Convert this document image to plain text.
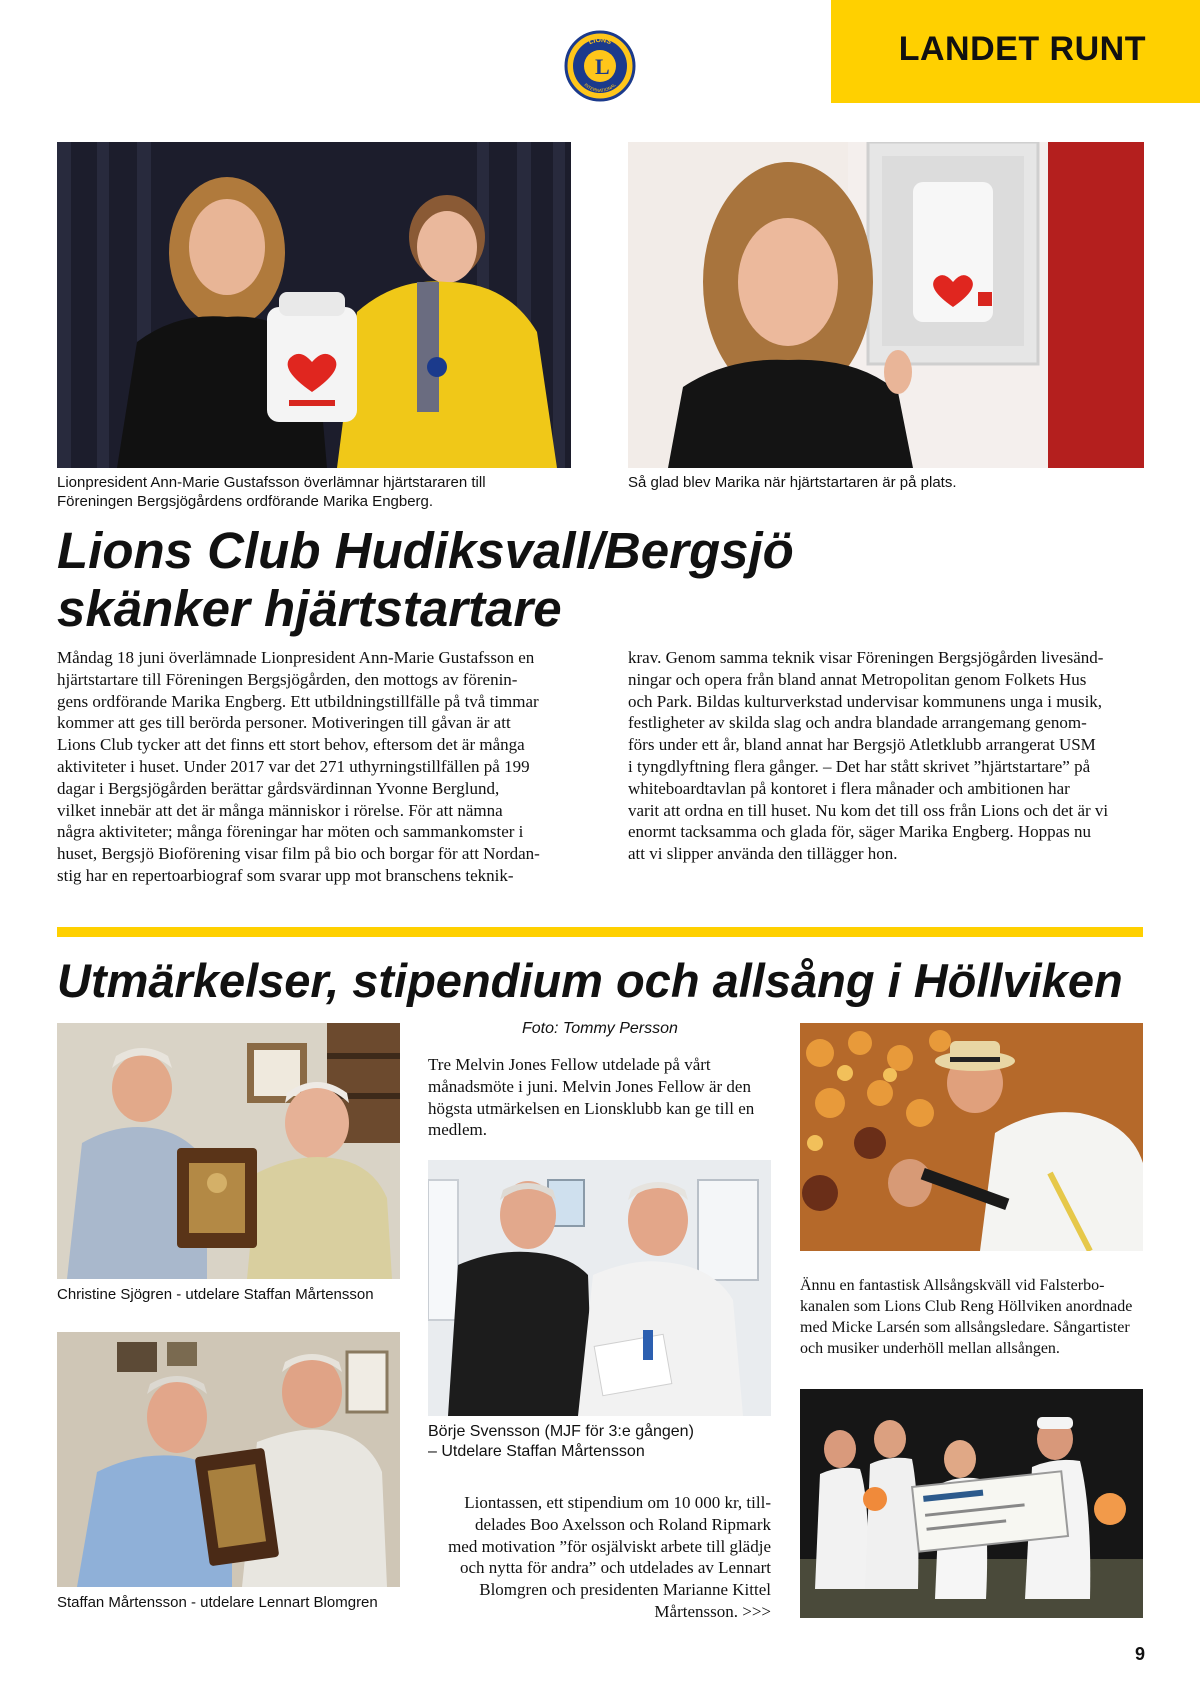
LANDET RUNT
L
LIONS
INTERNATIONAL
Lionpresident Ann-Marie Gustafsson överlämnar hjärtstararen till
Föreningen Bergsjögårdens ordförande Marika Engberg.
Så glad blev Marika när hjärtstartaren är på plats.
Lions Club Hudiksvall/Bergsjö
skänker hjärtstartare
Måndag 18 juni överlämnade Lionpresident Ann-Marie Gustafsson en
hjärtstartare till Föreningen Bergsjögården, den mottogs av förenin-
gens ordförande Marika Engberg. Ett utbildningstillfälle på två timmar
kommer att ges till berörda personer. Motiveringen till gåvan är att
Lions Club tycker att det finns ett stort behov, eftersom det är många
aktiviteter i huset. Under 2017 var det 271 uthyrningstillfällen på 199
dagar i Bergsjögården berättar gårdsvärdinnan Yvonne Berglund,
vilket innebär att det är många människor i rörelse. För att nämna
några aktiviteter; många föreningar har möten och sammankomster i
huset, Bergsjö Bioförening visar film på bio och borgar för att Nordan-
stig har en repertoarbiograf som svarar upp mot branschens teknik-
krav. Genom samma teknik visar Föreningen Bergsjögården livesänd-
ningar och opera från bland annat Metropolitan genom Folkets Hus
och Park. Bildas kulturverkstad undervisar kommunens unga i musik,
festligheter av skilda slag och andra blandade arrangemang genom-
förs under ett år, bland annat har Bergsjö Atletklubb arrangerat USM
i tyngdlyftning flera gånger. – Det har stått skrivet ”hjärtstartare” på
whiteboardtavlan på kontoret i flera månader och ambitionen har
varit att ordna en till huset. Nu kom det till oss från Lions och det är vi
enormt tacksamma och glada för, säger Marika Engberg. Hoppas nu
att vi slipper använda den tillägger hon.
Utmärkelser, stipendium och allsång i Höllviken
Foto: Tommy Persson
Christine Sjögren - utdelare Staffan Mårtensson
Staffan Mårtensson - utdelare Lennart Blomgren
Tre Melvin Jones Fellow utdelade på vårt
månadsmöte i juni. Melvin Jones Fellow är den
högsta utmärkelsen en Lionsklubb kan ge till en
medlem.
Börje Svensson (MJF för 3:e gången)
– Utdelare Staffan Mårtensson
Liontassen, ett stipendium om 10 000 kr, till-
delades Boo Axelsson och Roland Ripmark
med motivation ”för osjälviskt arbete till glädje
och nytta för andra” och utdelades av Lennart
Blomgren och presidenten Marianne Kittel
Mårtensson. >>>
Ännu en fantastisk Allsångskväll vid Falsterbo-
kanalen som Lions Club Reng Höllviken anordnade
med Micke Larsén som allsångsledare. Sångartister
och musiker underhöll mellan allsången.
9
